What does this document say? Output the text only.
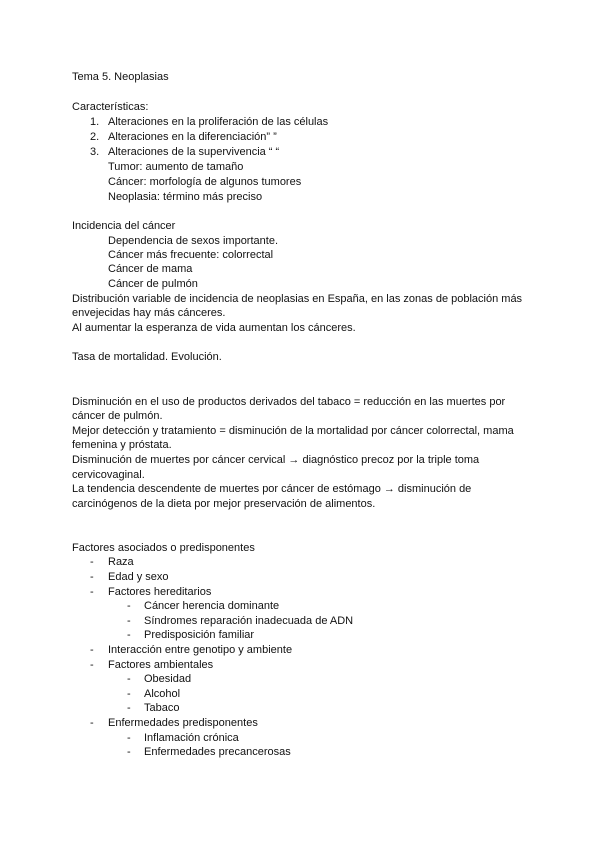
Tema 5. Neoplasias
Características:
1. Alteraciones en la proliferación de las células
2. Alteraciones en la diferenciación” ”
3. Alteraciones de la supervivencia “ “
Tumor: aumento de tamaño
Cáncer: morfología de algunos tumores
Neoplasia: término más preciso
Incidencia del cáncer
Dependencia de sexos importante.
Cáncer más frecuente: colorrectal
Cáncer de mama
Cáncer de pulmón
Distribución variable de incidencia de neoplasias en España, en las zonas de población más
envejecidas hay más cánceres.
Al aumentar la esperanza de vida aumentan los cánceres.
Tasa de mortalidad. Evolución.
Disminución en el uso de productos derivados del tabaco = reducción en las muertes por
cáncer de pulmón.
Mejor detección y tratamiento = disminución de la mortalidad por cáncer colorrectal, mama
femenina y próstata.
Disminución de muertes por cáncer cervical → diagnóstico precoz por la triple toma
cervicovaginal.
La tendencia descendente de muertes por cáncer de estómago → disminución de
carcinógenos de la dieta por mejor preservación de alimentos.
Factores asociados o predisponentes
- Raza
- Edad y sexo
- Factores hereditarios
- Cáncer herencia dominante
- Síndromes reparación inadecuada de ADN
- Predisposición familiar
- Interacción entre genotipo y ambiente
- Factores ambientales
- Obesidad
- Alcohol
- Tabaco
- Enfermedades predisponentes
- Inflamación crónica
- Enfermedades precancerosas
